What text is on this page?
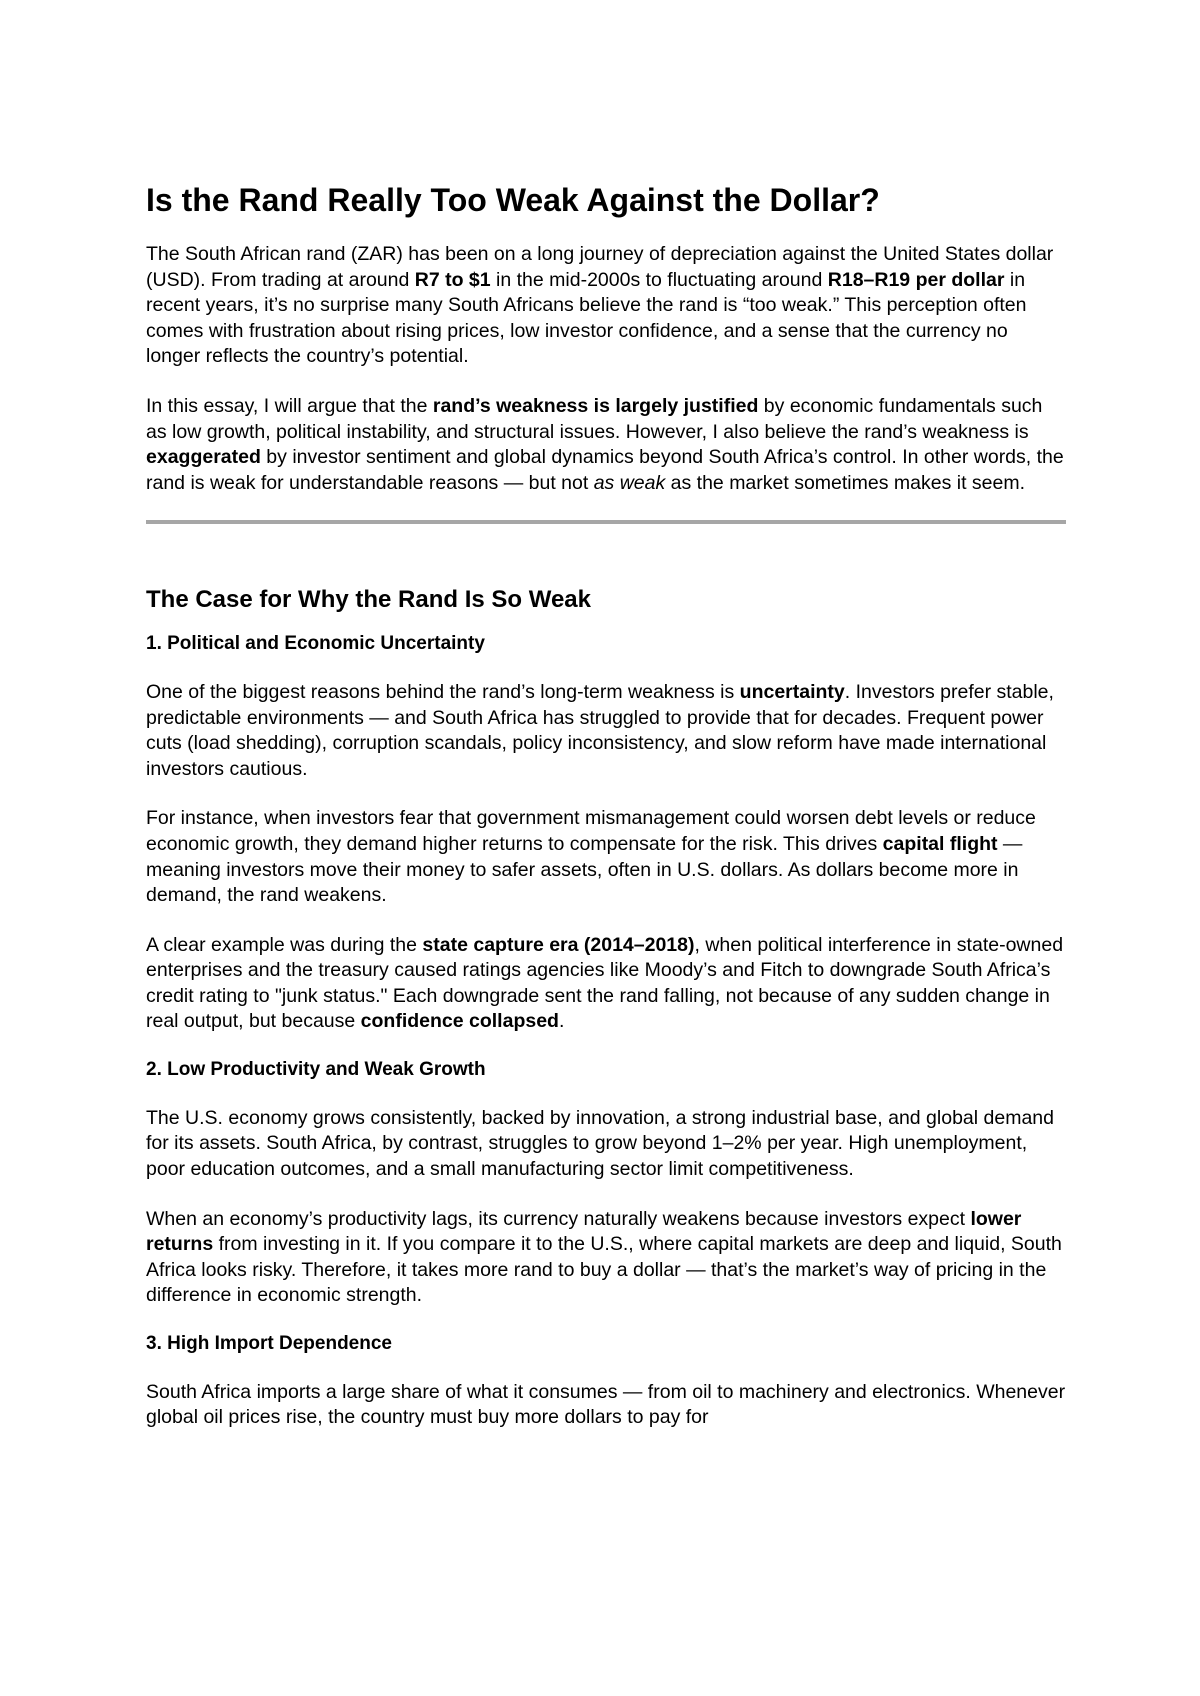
Is the Rand Really Too Weak Against the Dollar?

The South African rand (ZAR) has been on a long journey of depreciation against the United States dollar (USD). From trading at around R7 to $1 in the mid-2000s to fluctuating around R18–R19 per dollar in recent years, it’s no surprise many South Africans believe the rand is “too weak.” This perception often comes with frustration about rising prices, low investor confidence, and a sense that the currency no longer reflects the country’s potential.

In this essay, I will argue that the rand’s weakness is largely justified by economic fundamentals such as low growth, political instability, and structural issues. However, I also believe the rand’s weakness is exaggerated by investor sentiment and global dynamics beyond South Africa’s control. In other words, the rand is weak for understandable reasons — but not as weak as the market sometimes makes it seem.

The Case for Why the Rand Is So Weak
1. Political and Economic Uncertainty

One of the biggest reasons behind the rand’s long-term weakness is uncertainty. Investors prefer stable, predictable environments — and South Africa has struggled to provide that for decades. Frequent power cuts (load shedding), corruption scandals, policy inconsistency, and slow reform have made international investors cautious.

For instance, when investors fear that government mismanagement could worsen debt levels or reduce economic growth, they demand higher returns to compensate for the risk. This drives capital flight — meaning investors move their money to safer assets, often in U.S. dollars. As dollars become more in demand, the rand weakens.

A clear example was during the state capture era (2014–2018), when political interference in state-owned enterprises and the treasury caused ratings agencies like Moody’s and Fitch to downgrade South Africa’s credit rating to "junk status." Each downgrade sent the rand falling, not because of any sudden change in real output, but because confidence collapsed.

2. Low Productivity and Weak Growth

The U.S. economy grows consistently, backed by innovation, a strong industrial base, and global demand for its assets. South Africa, by contrast, struggles to grow beyond 1–2% per year. High unemployment, poor education outcomes, and a small manufacturing sector limit competitiveness.

When an economy’s productivity lags, its currency naturally weakens because investors expect lower returns from investing in it. If you compare it to the U.S., where capital markets are deep and liquid, South Africa looks risky. Therefore, it takes more rand to buy a dollar — that’s the market’s way of pricing in the difference in economic strength.

3. High Import Dependence

South Africa imports a large share of what it consumes — from oil to machinery and electronics. Whenever global oil prices rise, the country must buy more dollars to pay for
